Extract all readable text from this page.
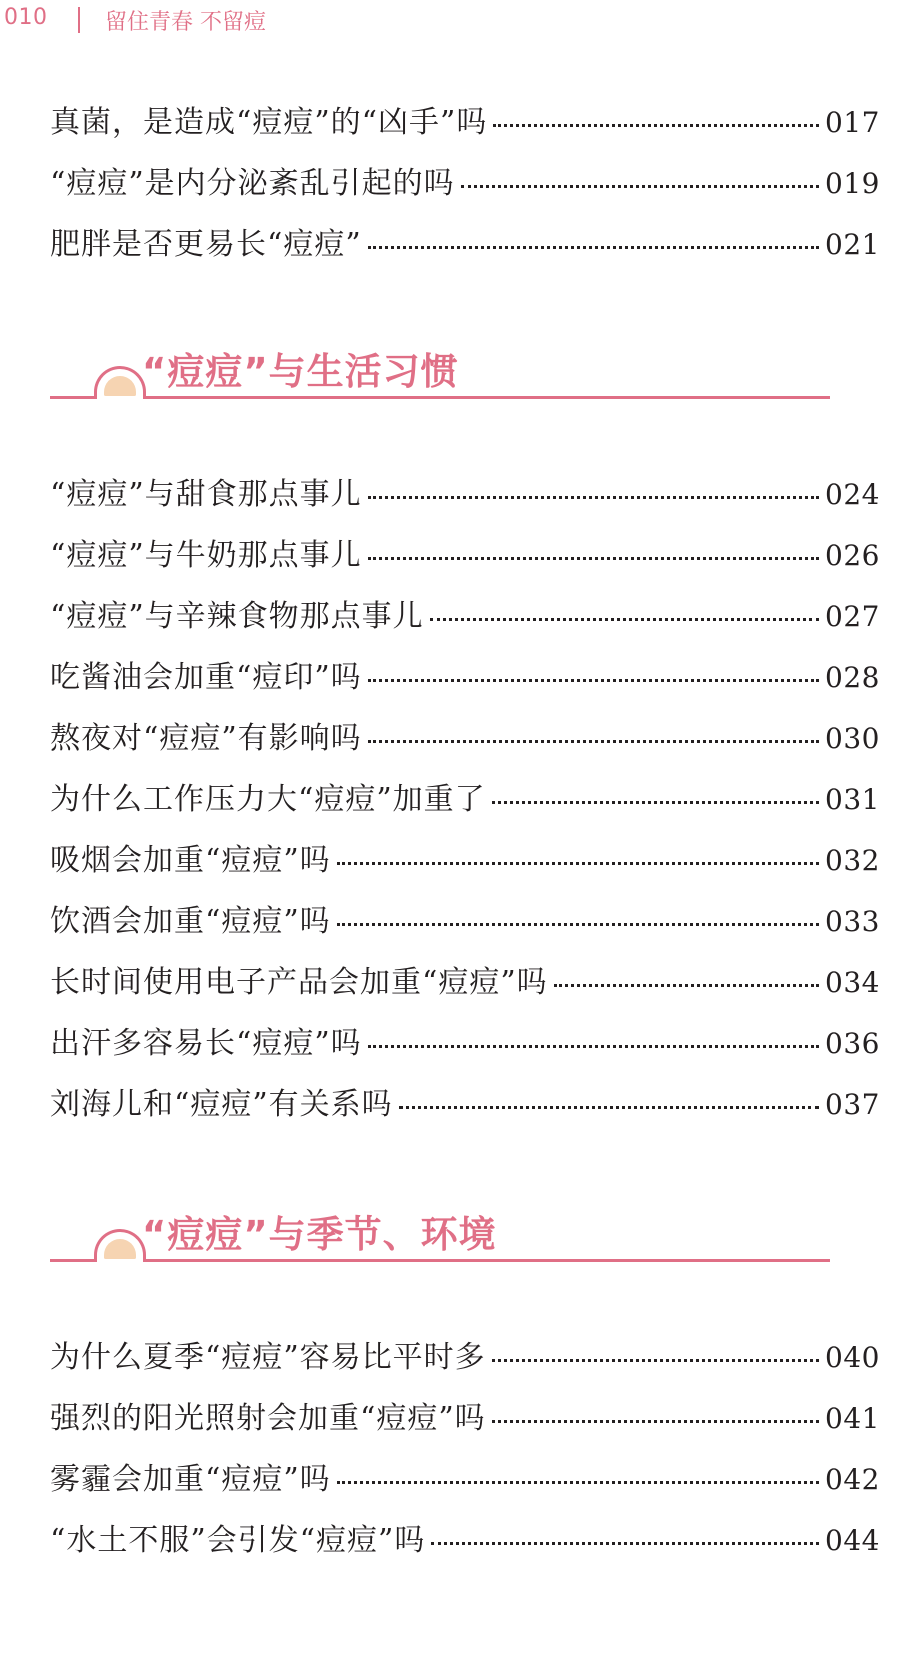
010	留住青春 不留痘
真菌，是造成“痘痘”的“凶手”吗	017
“痘痘”是内分泌紊乱引起的吗	019
肥胖是否更易长“痘痘”	021
“痘痘”与生活习惯
“痘痘”与甜食那点事儿	024
“痘痘”与牛奶那点事儿	026
“痘痘”与辛辣食物那点事儿	027
吃酱油会加重“痘印”吗	028
熬夜对“痘痘”有影响吗	030
为什么工作压力大“痘痘”加重了	031
吸烟会加重“痘痘”吗	032
饮酒会加重“痘痘”吗	033
长时间使用电子产品会加重“痘痘”吗	034
出汗多容易长“痘痘”吗	036
刘海儿和“痘痘”有关系吗	037
“痘痘”与季节、环境
为什么夏季“痘痘”容易比平时多	040
强烈的阳光照射会加重“痘痘”吗	041
雾霾会加重“痘痘”吗	042
“水土不服”会引发“痘痘”吗	044
